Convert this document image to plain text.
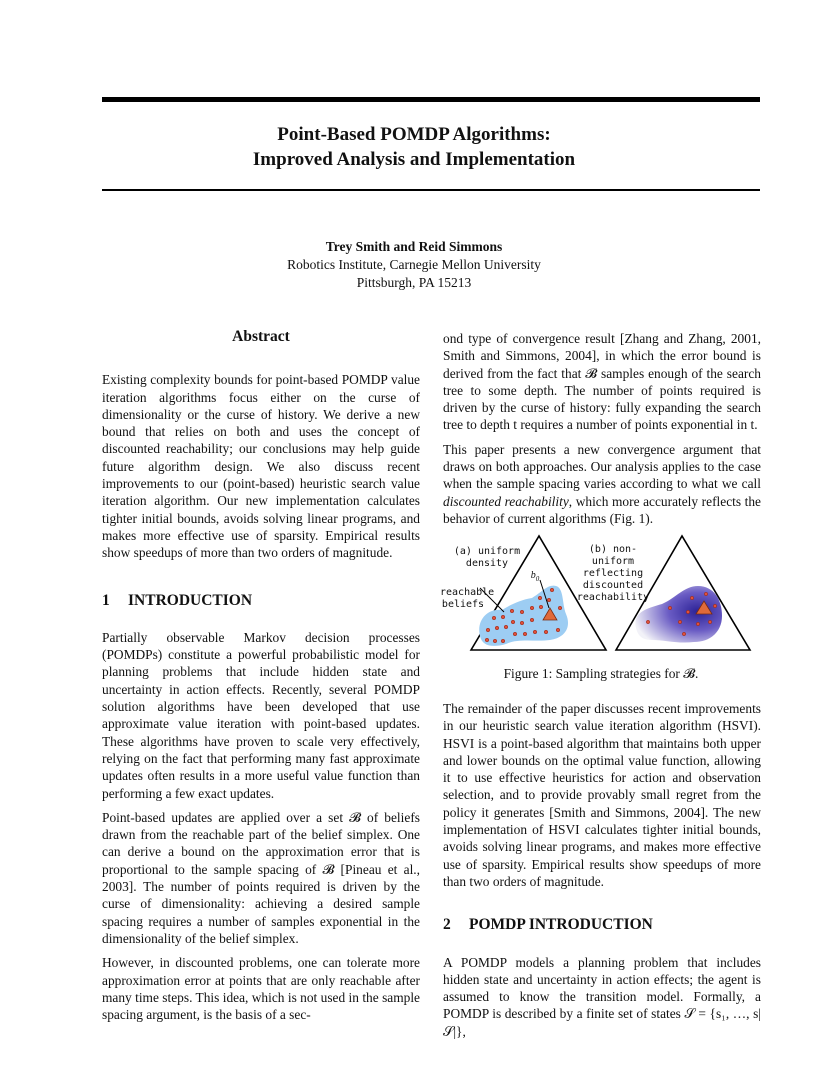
Point-Based POMDP Algorithms:
Improved Analysis and Implementation
Trey Smith and Reid Simmons
Robotics Institute, Carnegie Mellon University
Pittsburgh, PA 15213
Abstract

Existing complexity bounds for point-based POMDP value iteration algorithms focus either on the curse of dimensionality or the curse of history. We derive a new bound that relies on both and uses the concept of discounted reachability; our conclusions may help guide future algorithm design. We also discuss recent improvements to our (point-based) heuristic search value iteration algorithm. Our new implementation calculates tighter initial bounds, avoids solving linear programs, and makes more effective use of sparsity. Empirical results show speedups of more than two orders of magnitude.

1 INTRODUCTION

Partially observable Markov decision processes (POMDPs) constitute a powerful probabilistic model for planning problems that include hidden state and uncertainty in action effects. Recently, several POMDP solution algorithms have been developed that use approximate value iteration with point-based updates. These algorithms have proven to scale very effectively, relying on the fact that performing many fast approximate updates often results in a more useful value function than performing a few exact updates.

Point-based updates are applied over a set 𝓑 of beliefs drawn from the reachable part of the belief simplex. One can derive a bound on the approximation error that is proportional to the sample spacing of 𝓑 [Pineau et al., 2003]. The number of points required is driven by the curse of dimensionality: achieving a desired sample spacing requires a number of samples exponential in the dimensionality of the belief simplex.

However, in discounted problems, one can tolerate more approximation error at points that are only reachable after many time steps. This idea, which is not used in the sample spacing argument, is the basis of a sec-

ond type of convergence result [Zhang and Zhang, 2001, Smith and Simmons, 2004], in which the error bound is derived from the fact that 𝓑 samples enough of the search tree to some depth. The number of points required is driven by the curse of history: fully expanding the search tree to depth t requires a number of points exponential in t.

This paper presents a new convergence argument that draws on both approaches. Our analysis applies to the case when the sample spacing varies according to what we call discounted reachability, which more accurately reflects the behavior of current algorithms (Fig. 1).

(a) uniform
density
(b) non-uniform
reflecting
discounted
reachability
reachable
beliefs
$b_0$
Figure 1: Sampling strategies for 𝓑.

The remainder of the paper discusses recent improvements in our heuristic search value iteration algorithm (HSVI). HSVI is a point-based algorithm that maintains both upper and lower bounds on the optimal value function, allowing it to use effective heuristics for action and observation selection, and to provide provably small regret from the policy it generates [Smith and Simmons, 2004]. The new implementation of HSVI calculates tighter initial bounds, avoids solving linear programs, and makes more effective use of sparsity. Empirical results show speedups of more than two orders of magnitude.

2 POMDP INTRODUCTION

A POMDP models a planning problem that includes hidden state and uncertainty in action effects; the agent is assumed to know the transition model. Formally, a POMDP is described by a finite set of states 𝒮 = {s₁, …, s|𝒮|},
